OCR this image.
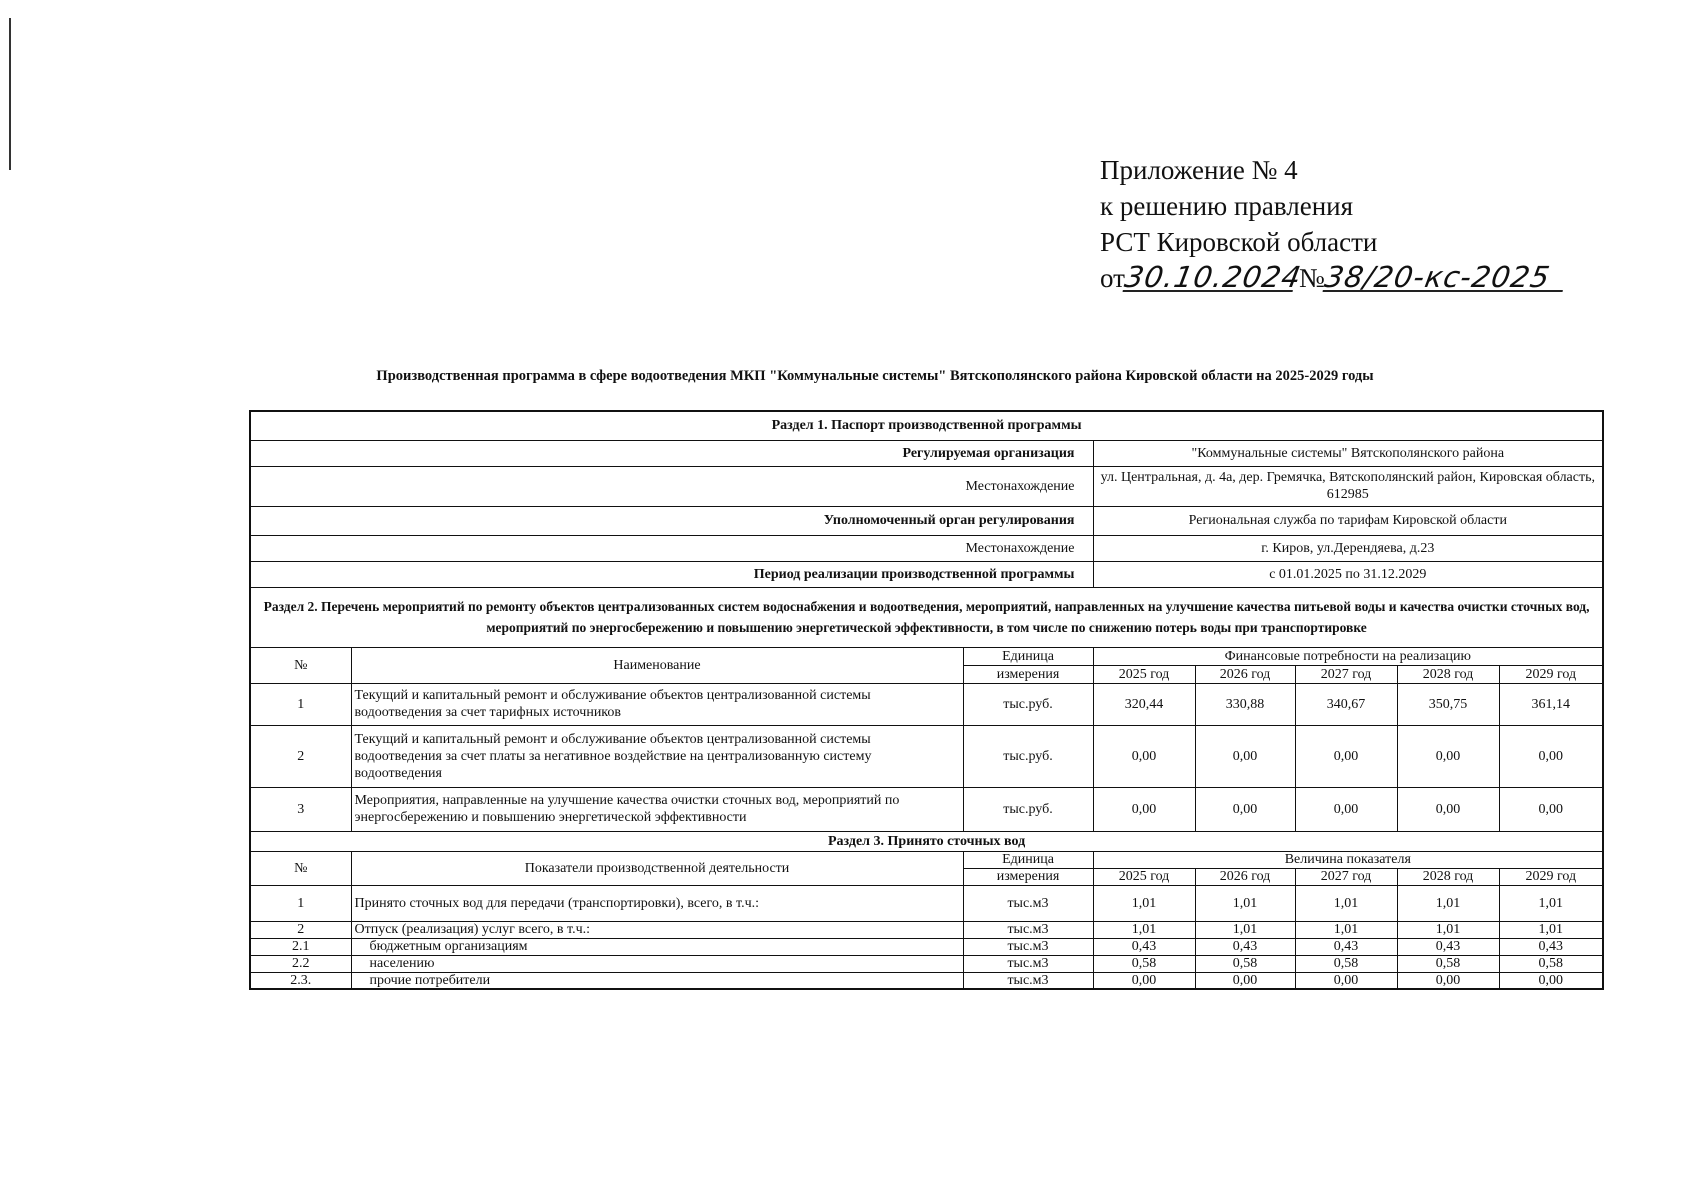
Приложение № 4
к решению правления
РСТ Кировской области
от30.10.2024№38/20-кс-2025
Производственная программа в сфере водоотведения МКП "Коммунальные системы" Вятскополянского района Кировской области на 2025-2029 годы
Раздел 1. Паспорт производственной программы							
Регулируемая организация			"Коммунальные системы" Вятскополянского района				
Местонахождение			ул. Центральная, д. 4а, дер. Гремячка, Вятскополянский район, Кировская область, 612985				
Уполномоченный орган регулирования			Региональная служба по тарифам Кировской области				
Местонахождение			г. Киров, ул.Дерендяева, д.23				
Период реализации производственной программы			с 01.01.2025 по 31.12.2029				
Раздел 2. Перечень мероприятий по ремонту объектов централизованных систем водоснабжения и водоотведения, мероприятий, направленных на улучшение качества питьевой воды и качества очистки сточных вод, мероприятий по энергосбережению и повышению энергетической эффективности, в том числе по снижению потерь воды при транспортировке							
№	Наименование	Единица	Финансовые потребности на реализацию				
		измерения	2025 год	2026 год	2027 год	2028 год	2029 год
1	Текущий и капитальный ремонт и обслуживание объектов централизованной системы водоотведения за счет тарифных источников	тыс.руб.	320,44	330,88	340,67	350,75	361,14
2	Текущий и капитальный ремонт и обслуживание объектов централизованной системы водоотведения за счет платы за негативное воздействие на централизованную систему водоотведения	тыс.руб.	0,00	0,00	0,00	0,00	0,00
3	Мероприятия, направленные на улучшение качества очистки сточных вод, мероприятий по энергосбережению и повышению энергетической эффективности	тыс.руб.	0,00	0,00	0,00	0,00	0,00
Раздел 3. Принято сточных вод							
№	Показатели производственной деятельности	Единица	Величина показателя				
		измерения	2025 год	2026 год	2027 год	2028 год	2029 год
1	Принято сточных вод для передачи (транспортировки), всего, в т.ч.:	тыс.м3	1,01	1,01	1,01	1,01	1,01
2	Отпуск (реализация) услуг всего, в т.ч.:	тыс.м3	1,01	1,01	1,01	1,01	1,01
2.1	бюджетным организациям	тыс.м3	0,43	0,43	0,43	0,43	0,43
2.2	населению	тыс.м3	0,58	0,58	0,58	0,58	0,58
2.3.	прочие потребители	тыс.м3	0,00	0,00	0,00	0,00	0,00
